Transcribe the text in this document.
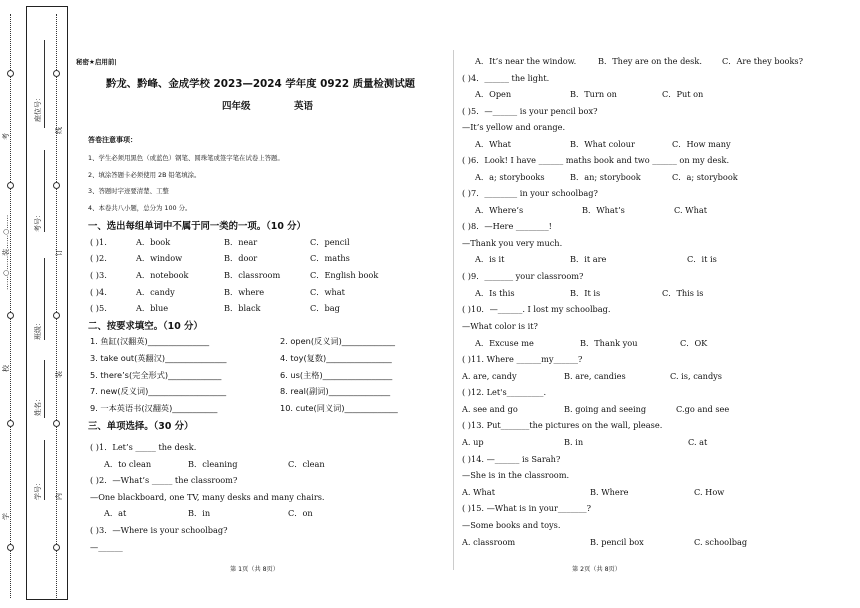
座位号：
考号：
班级：
姓名：
学号：
考
……○……装……○……
校
学
线
订
装
内
秘密★启用前|
黔龙、黔峰、金成学校 2023—2024 学年度 0922 质量检测试题
四年级	英语
答卷注意事项：
1、学生必须用黑色（或蓝色）钢笔、圆珠笔或签字笔在试卷上答题。
2、填涂答题卡必须使用 2B 铅笔填涂。
3、答题时字迹要清楚、工整
4、本卷共八小题，总分为 100 分。
一、选出每组单词中不属于同一类的一项。（10 分）
( )1.	A．book	B．near	C．pencil
( )2.	A．window	B．door	C．maths
( )3.	A．notebook	B．classroom	C．English book
( )4.	A．candy	B．where	C．what
( )5.	A．blue	B．black	C．bag
二、按要求填空。（10 分）
1. 鱼缸(汉翻英)_______________	2. open(反义词)_____________
3. take out(英翻汉)_______________	4. toy(复数)________________
5. there’s(完全形式)_____________	6. us(主格)_________________
7. new(反义词)___________________	8. real(副词)_______________
9. 一本英语书(汉翻英)___________	10. cute(同义词)_____________
三、单项选择。（30 分）
( )1．Let’s _____ the desk.
A．to clean	B．cleaning	C．clean
( )2．—What’s _____ the classroom?
—One blackboard, one TV, many desks and many chairs.
A．at	B．in	C．on
( )3．—Where is your schoolbag?
—______
第 1页（共 8页）	第 2页（共 8页）
A．It’s near the window.	B．They are on the desk. C．Are they books?
( )4．______ the light.
A．Open	B．Turn on	C．Put on
( )5．—______ is your pencil box?
—It’s yellow and orange.
A．What	B．What colour	C．How many
( )6．Look! I have ______ maths book and two ______ on my desk.
A．a; storybooks	B．an; storybook	C．a; storybook
( )7．________ in your schoolbag?
A．Where’s	B．What’s	C. What
( )8．—Here ________!
—Thank you very much.
A．is it	B．it are	C．it is
( )9．_______ your classroom?
A．Is this	B．It is	C．This is
( )10．—______. I lost my schoolbag.
—What color is it?
A．Excuse me	B．Thank you	C．OK
( )11. Where ______my______?
A. are, candy	B. are, candies	C. is, candys
( )12. Let's_________.
A. see and go	B. going and seeing	C.go and see
( )13. Put_______the pictures on the wall, please.
A. up	B. in	C. at
( )14. —______ is Sarah?
—She is in the classroom.
A. What	B. Where	C. How
( )15. —What is in your_______?
—Some books and toys.
A. classroom	B. pencil box	C. schoolbag
